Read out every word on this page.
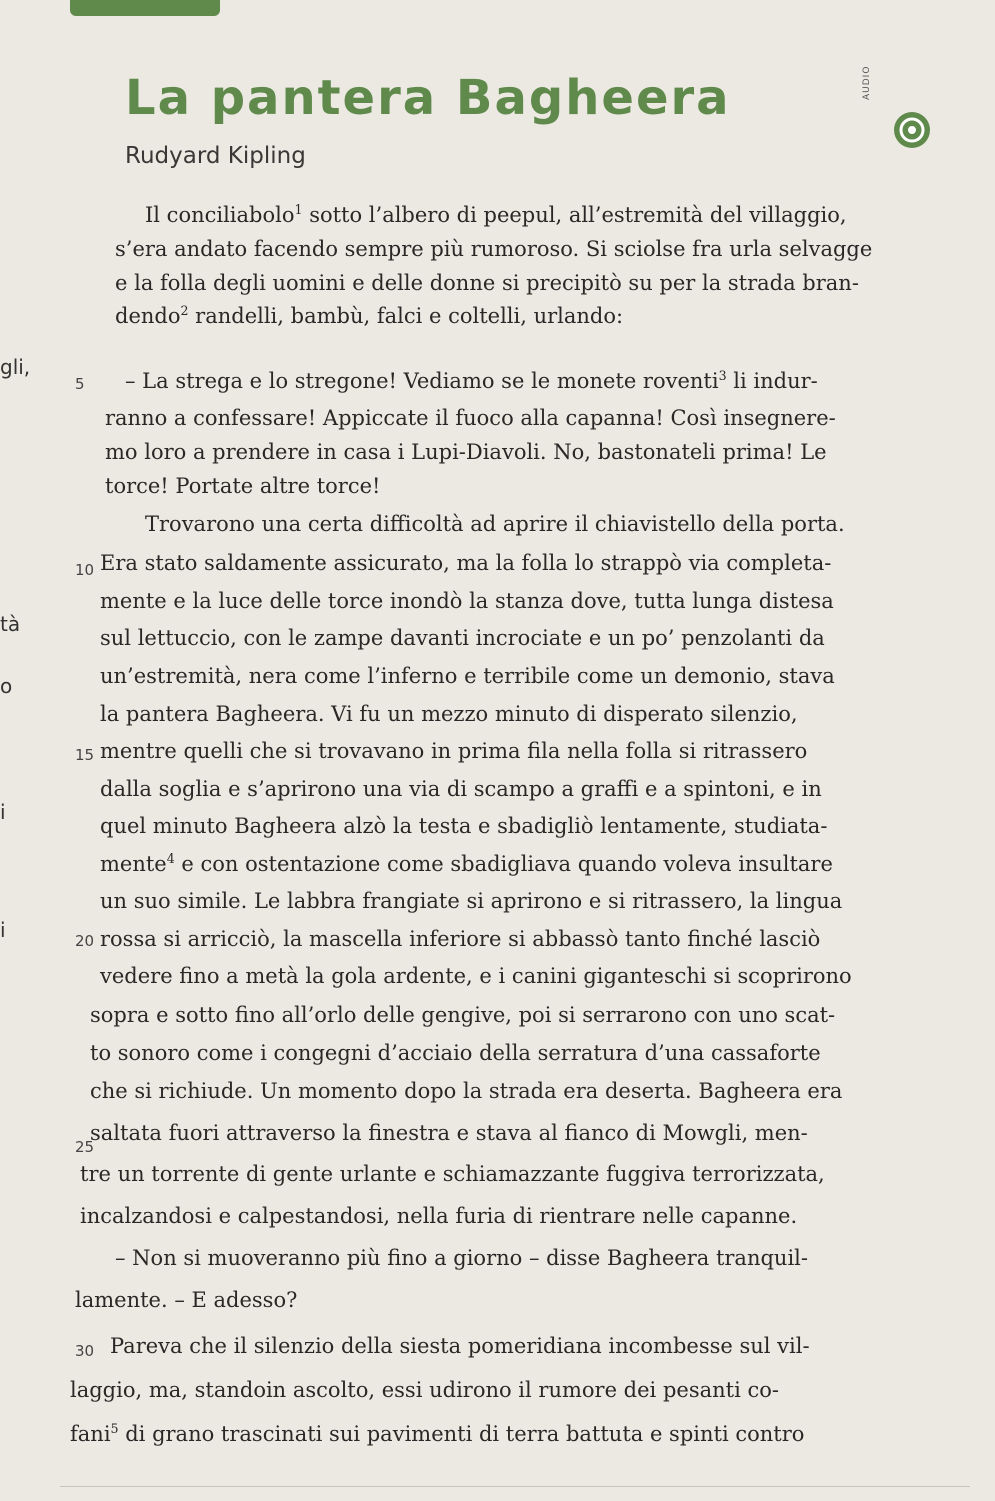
La pantera Bagheera
Rudyard Kipling
AUDIO
gli,
tà
o
i
i
5
10
15
20
25
30
Il conciliabolo$^1$ sotto l’albero di peepul, all’estremità del villaggio,
s’era andato facendo sempre più rumoroso. Si sciolse fra urla selvagge
e la folla degli uomini e delle donne si precipitò su per la strada bran-
dendo$^2$ randelli, bambù, falci e coltelli, urlando:
– La strega e lo stregone! Vediamo se le monete roventi$^3$ li indur-
ranno a confessare! Appiccate il fuoco alla capanna! Così insegnere-
mo loro a prendere in casa i Lupi-Diavoli. No, bastonateli prima! Le
torce! Portate altre torce!
Trovarono una certa difficoltà ad aprire il chiavistello della porta.
Era stato saldamente assicurato, ma la folla lo strappò via completa-
mente e la luce delle torce inondò la stanza dove, tutta lunga distesa
sul lettuccio, con le zampe davanti incrociate e un po’ penzolanti da
un’estremità, nera come l’inferno e terribile come un demonio, stava
la pantera Bagheera. Vi fu un mezzo minuto di disperato silenzio,
mentre quelli che si trovavano in prima fila nella folla si ritrassero
dalla soglia e s’aprirono una via di scampo a graffi e a spintoni, e in
quel minuto Bagheera alzò la testa e sbadigliò lentamente, studiata-
mente$^4$ e con ostentazione come sbadigliava quando voleva insultare
un suo simile. Le labbra frangiate si aprirono e si ritrassero, la lingua
rossa si arricciò, la mascella inferiore si abbassò tanto finché lasciò
vedere fino a metà la gola ardente, e i canini giganteschi si scoprirono
sopra e sotto fino all’orlo delle gengive, poi si serrarono con uno scat-
to sonoro come i congegni d’acciaio della serratura d’una cassaforte
che si richiude. Un momento dopo la strada era deserta. Bagheera era
saltata fuori attraverso la finestra e stava al fianco di Mowgli, men-
tre un torrente di gente urlante e schiamazzante fuggiva terrorizzata,
incalzandosi e calpestandosi, nella furia di rientrare nelle capanne.
– Non si muoveranno più fino a giorno – disse Bagheera tranquil-
lamente. – E adesso?
Pareva che il silenzio della siesta pomeridiana incombesse sul vil-
laggio, ma, standoin ascolto, essi udirono il rumore dei pesanti co-
fani$^5$ di grano trascinati sui pavimenti di terra battuta e spinti contro
